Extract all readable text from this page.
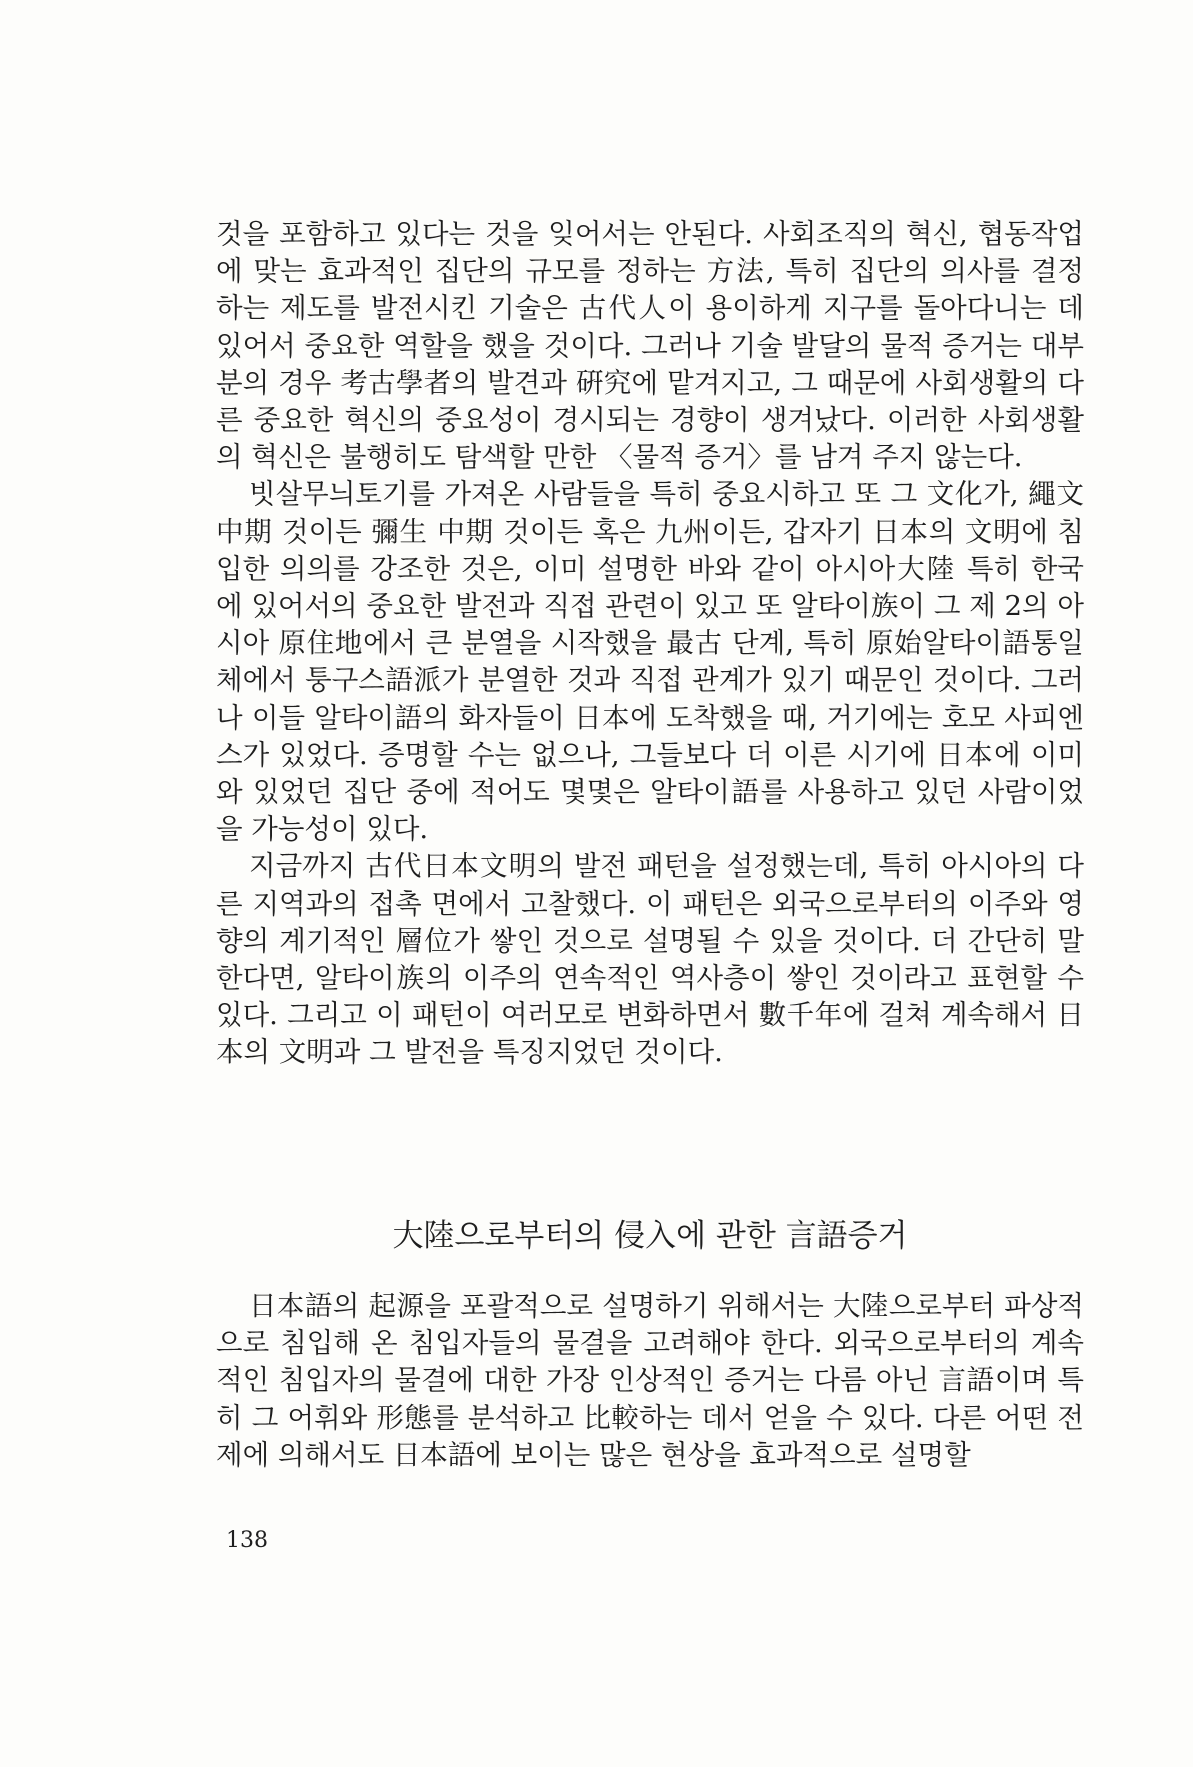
것을 포함하고 있다는 것을 잊어서는 안된다. 사회조직의 혁신, 협동작업에 맞는 효과적인 집단의 규모를 정하는 方法, 특히 집단의 의사를 결정하는 제도를 발전시킨 기술은 古代人이 용이하게 지구를 돌아다니는 데 있어서 중요한 역할을 했을 것이다. 그러나 기술 발달의 물적 증거는 대부분의 경우 考古學者의 발견과 硏究에 맡겨지고, 그 때문에 사회생활의 다른 중요한 혁신의 중요성이 경시되는 경향이 생겨났다. 이러한 사회생활의 혁신은 불행히도 탐색할 만한 〈물적 증거〉를 남겨 주지 않는다.

빗살무늬토기를 가져온 사람들을 특히 중요시하고 또 그 文化가, 繩文 中期 것이든 彌生 中期 것이든 혹은 九州이든, 갑자기 日本의 文明에 침입한 의의를 강조한 것은, 이미 설명한 바와 같이 아시아大陸 특히 한국에 있어서의 중요한 발전과 직접 관련이 있고 또 알타이族이 그 제 2의 아시아 原住地에서 큰 분열을 시작했을 最古 단계, 특히 原始알타이語통일체에서 퉁구스語派가 분열한 것과 직접 관계가 있기 때문인 것이다. 그러나 이들 알타이語의 화자들이 日本에 도착했을 때, 거기에는 호모 사피엔스가 있었다. 증명할 수는 없으나, 그들보다 더 이른 시기에 日本에 이미 와 있었던 집단 중에 적어도 몇몇은 알타이語를 사용하고 있던 사람이었을 가능성이 있다.

지금까지 古代日本文明의 발전 패턴을 설정했는데, 특히 아시아의 다른 지역과의 접촉 면에서 고찰했다. 이 패턴은 외국으로부터의 이주와 영향의 계기적인 層位가 쌓인 것으로 설명될 수 있을 것이다. 더 간단히 말한다면, 알타이族의 이주의 연속적인 역사층이 쌓인 것이라고 표현할 수 있다. 그리고 이 패턴이 여러모로 변화하면서 數千年에 걸쳐 계속해서 日本의 文明과 그 발전을 특징지었던 것이다.

大陸으로부터의 侵入에 관한 言語증거

日本語의 起源을 포괄적으로 설명하기 위해서는 大陸으로부터 파상적으로 침입해 온 침입자들의 물결을 고려해야 한다. 외국으로부터의 계속적인 침입자의 물결에 대한 가장 인상적인 증거는 다름 아닌 言語이며 특히 그 어휘와 形態를 분석하고 比較하는 데서 얻을 수 있다. 다른 어떤 전제에 의해서도 日本語에 보이는 많은 현상을 효과적으로 설명할

138
